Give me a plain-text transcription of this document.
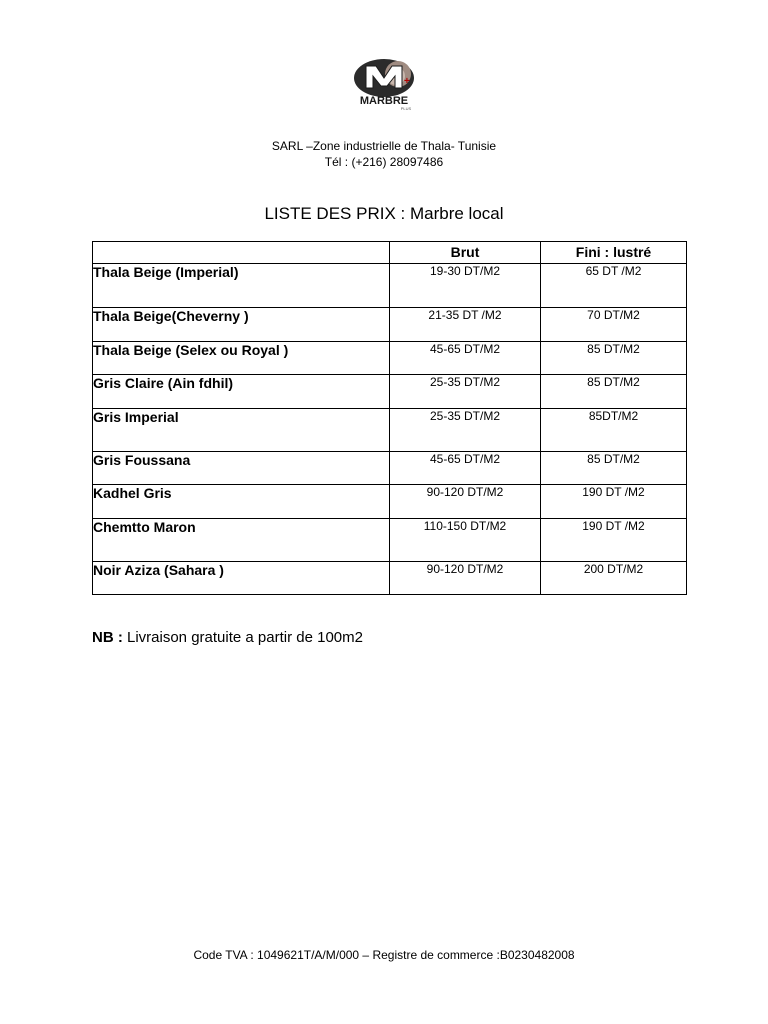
+
MARBRE
PLUS
SARL –Zone industrielle de Thala- Tunisie
Tél : (+216) 28097486
LISTE DES PRIX : Marbre local
	Brut	Fini : lustré
Thala Beige (Imperial)	19-30 DT/M2	65 DT /M2
Thala Beige(Cheverny )	21-35 DT /M2	70 DT/M2
Thala Beige (Selex ou Royal )	45-65 DT/M2	85 DT/M2
Gris Claire (Ain fdhil)	25-35 DT/M2	85 DT/M2
Gris Imperial	25-35 DT/M2	85DT/M2
Gris Foussana	45-65 DT/M2	85 DT/M2
Kadhel Gris	90-120 DT/M2	190 DT /M2
Chemtto Maron	110-150 DT/M2	190 DT /M2
Noir Aziza (Sahara )	90-120 DT/M2	200 DT/M2
NB : Livraison gratuite a partir de 100m2
Code TVA : 1049621T/A/M/000 – Registre de commerce :B0230482008
